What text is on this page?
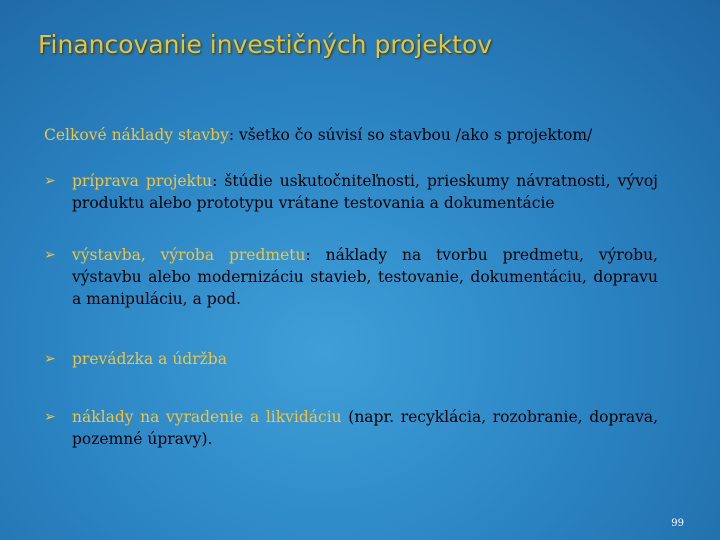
Financovanie investičných projektov

Celkové náklady stavby: všetko čo súvisí so stavbou /ako s projektom/

➢ príprava projektu: štúdie uskutočniteľnosti, prieskumy návratnosti, vývoj produktu alebo prototypu vrátane testovania a dokumentácie

➢ výstavba, výroba predmetu: náklady na tvorbu predmetu, výrobu, výstavbu alebo modernizáciu stavieb, testovanie, dokumentáciu, dopravu a manipuláciu, a pod.

➢ prevádzka a údržba

➢ náklady na vyradenie a likvidáciu (napr. recyklácia, rozobranie, doprava, pozemné úpravy).

99
